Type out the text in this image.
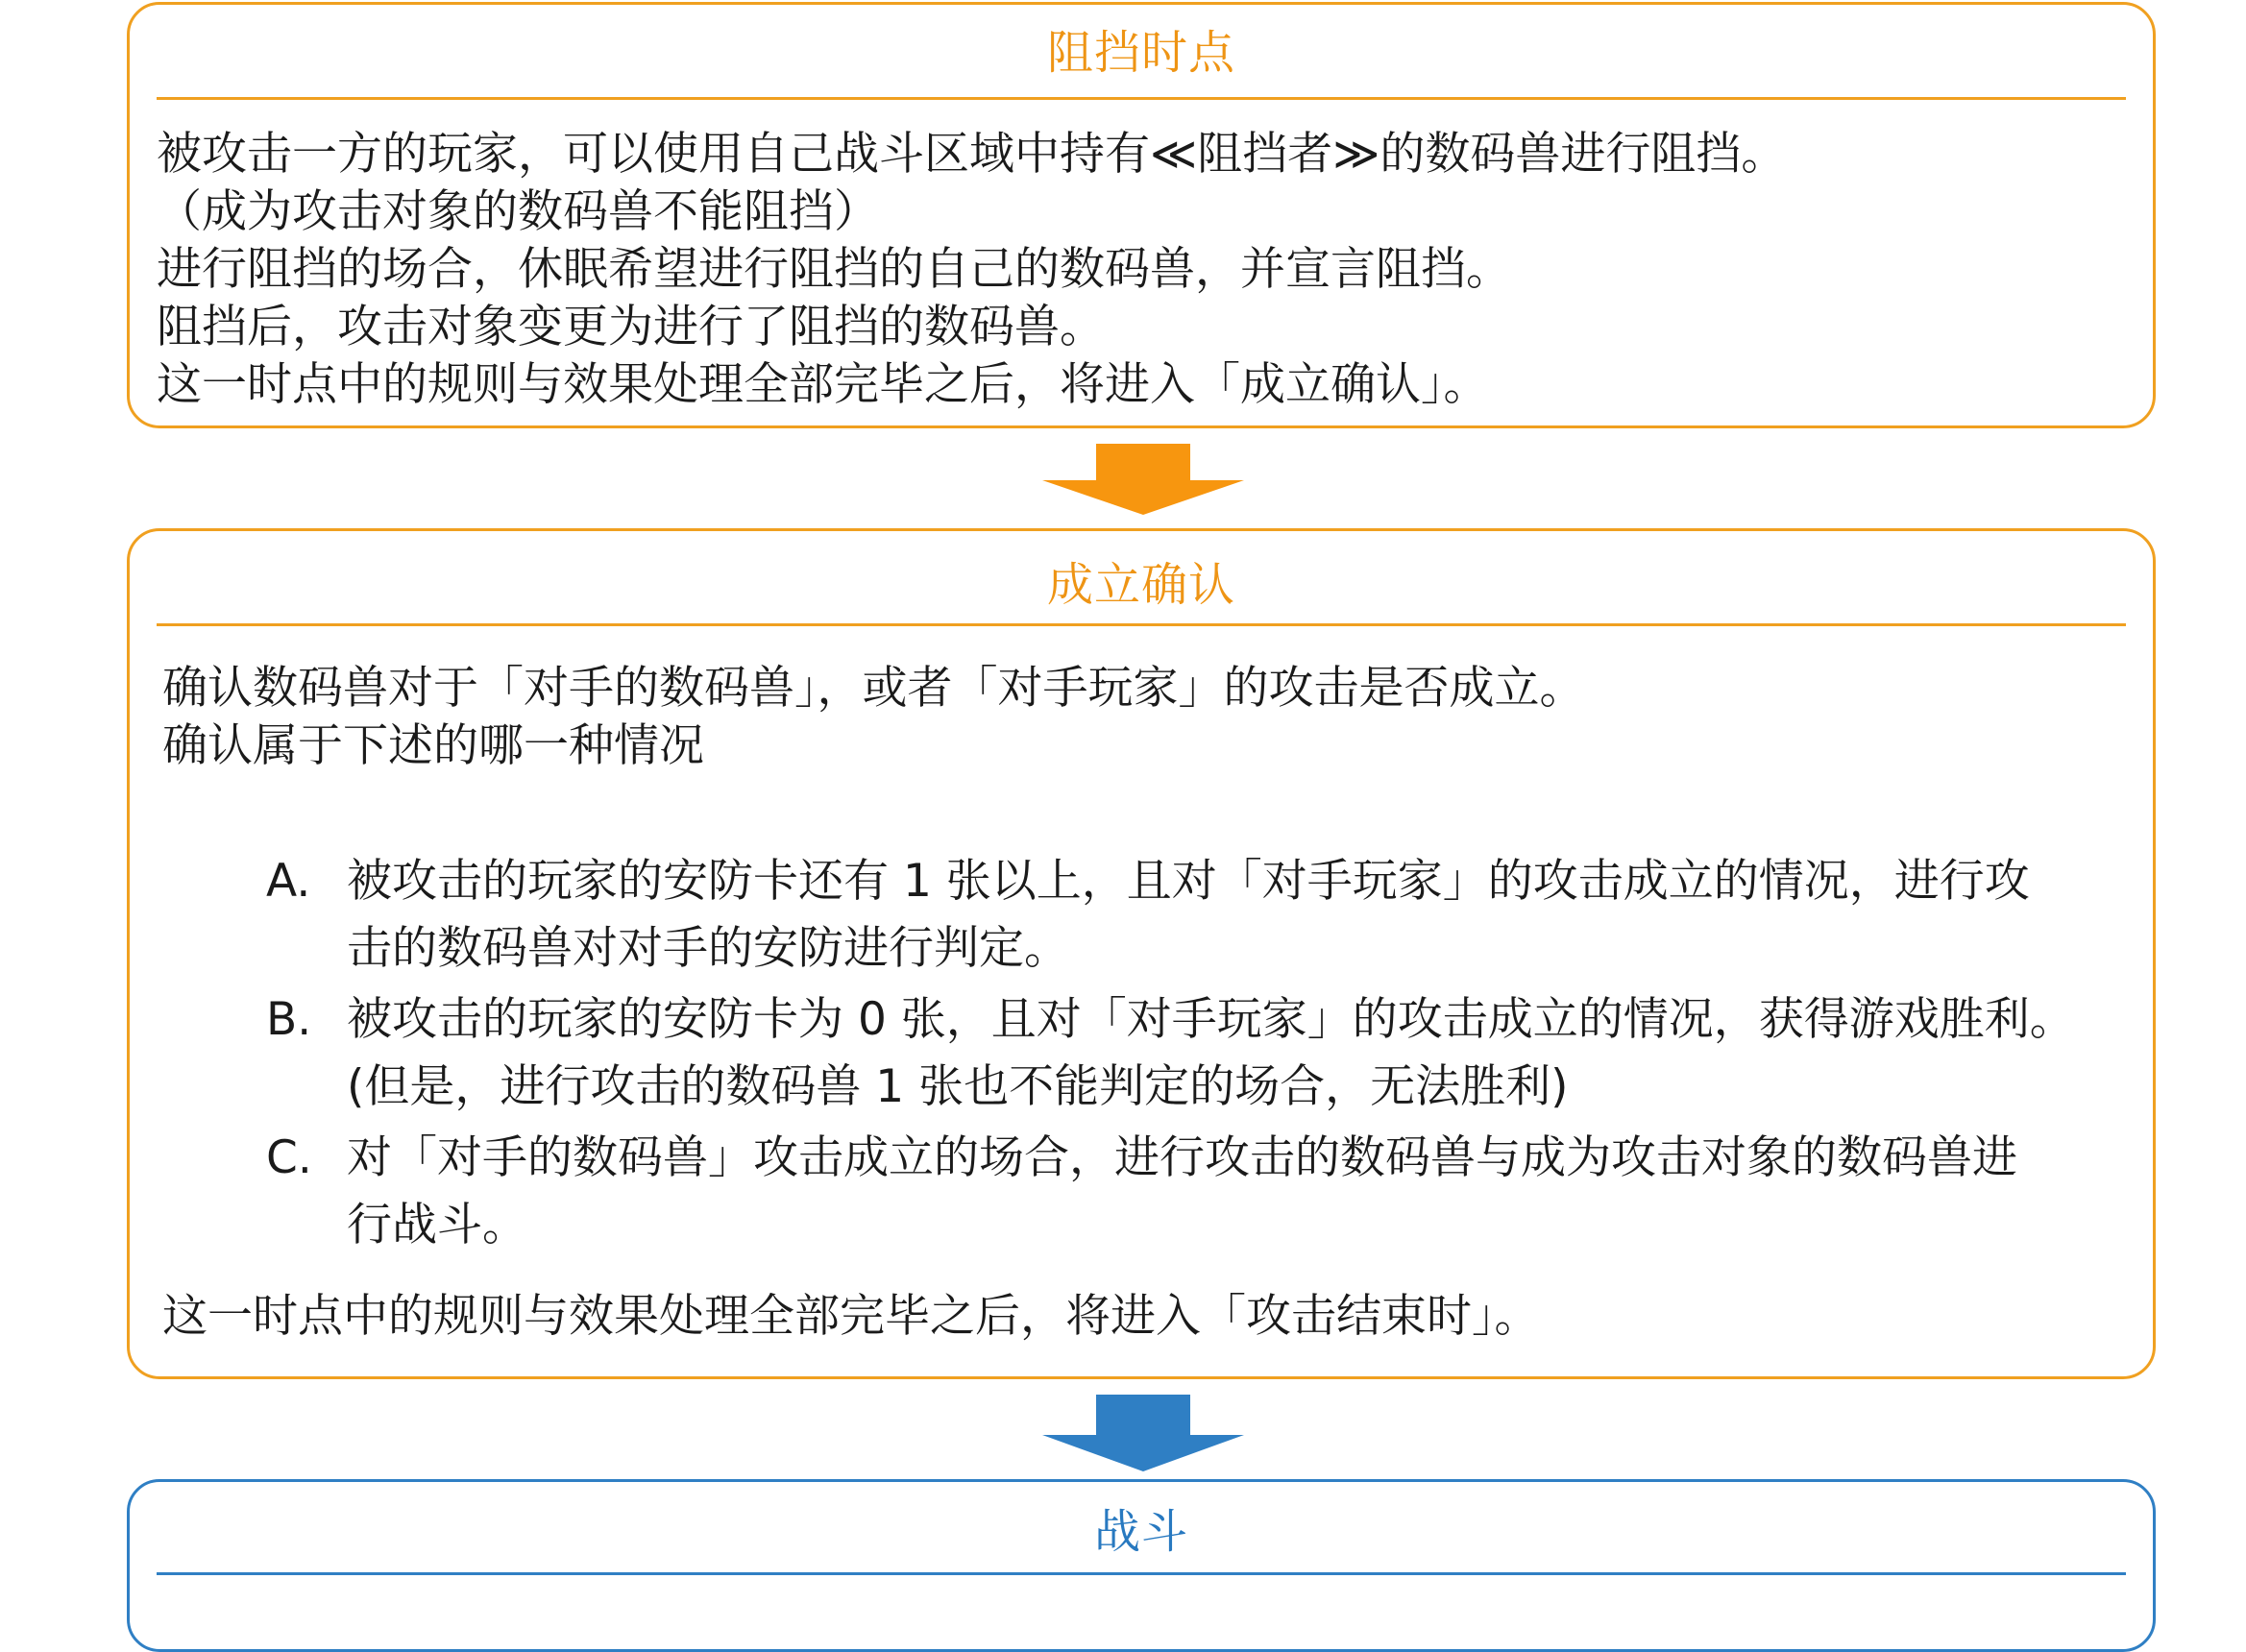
阻挡时点
被攻击一方的玩家，可以使用自己战斗区域中持有≪阻挡者≫的数码兽进行阻挡。
（成为攻击对象的数码兽不能阻挡）
进行阻挡的场合，休眠希望进行阻挡的自己的数码兽，并宣言阻挡。
阻挡后，攻击对象变更为进行了阻挡的数码兽。
这一时点中的规则与效果处理全部完毕之后，将进入「成立确认」。
成立确认
确认数码兽对于「对手的数码兽」，或者「对手玩家」的攻击是否成立。
确认属于下述的哪一种情况
A. 被攻击的玩家的安防卡还有 1 张以上，且对「对手玩家」的攻击成立的情况，进行攻
击的数码兽对对手的安防进行判定。
B. 被攻击的玩家的安防卡为 0 张，且对「对手玩家」的攻击成立的情况，获得游戏胜利。
(但是，进行攻击的数码兽 1 张也不能判定的场合，无法胜利)
C. 对「对手的数码兽」攻击成立的场合，进行攻击的数码兽与成为攻击对象的数码兽进
行战斗。
这一时点中的规则与效果处理全部完毕之后，将进入「攻击结束时」。
战斗
